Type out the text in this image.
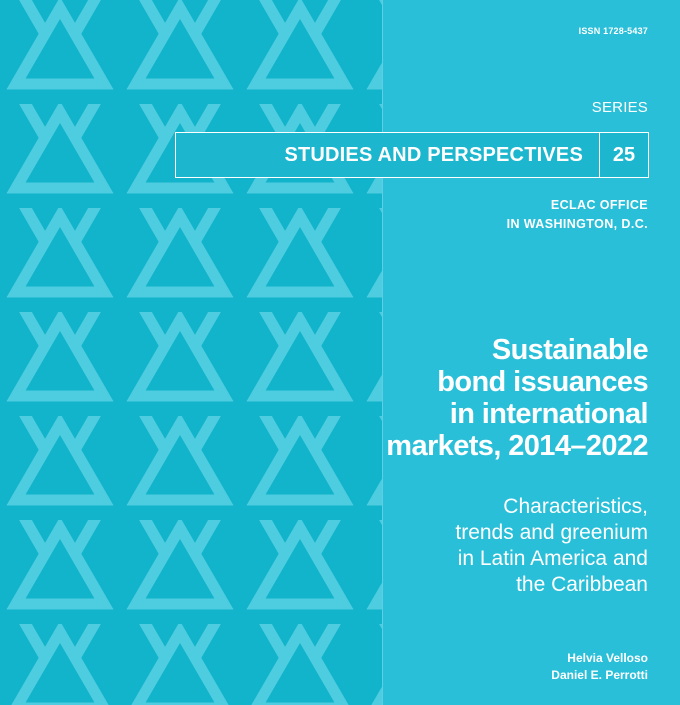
ISSN 1728-5437
SERIES
STUDIES AND PERSPECTIVES	25
ECLAC OFFICE
IN WASHINGTON, D.C.
Sustainable
bond issuances
in international
markets, 2014–2022
Characteristics,
trends and greenium
in Latin America and
the Caribbean
Helvia Velloso
Daniel E. Perrotti
